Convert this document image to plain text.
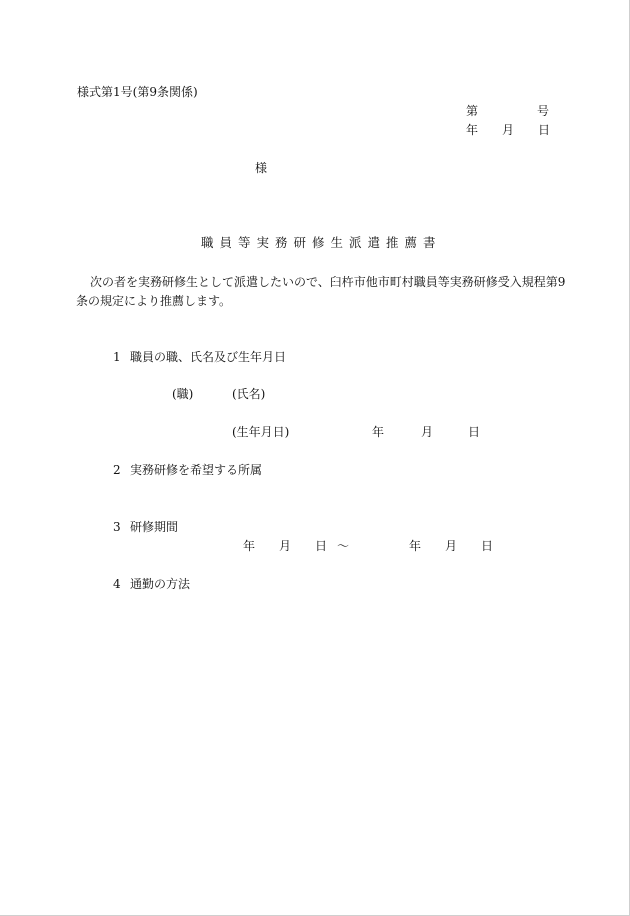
様式第1号(第9条関係)
第	号
年 月 日
様
職員等実務研修生派遣推薦書
次の者を実務研修生として派遣したいので、臼杵市他市町村職員等実務研修受入規程第9
条の規定により推薦します。
1 職員の職、氏名及び生年月日
(職)	(氏名)
(生年月日)	年	月	日
2 実務研修を希望する所属
3 研修期間
年 月 日 〜	年 月 日
4 通勤の方法
